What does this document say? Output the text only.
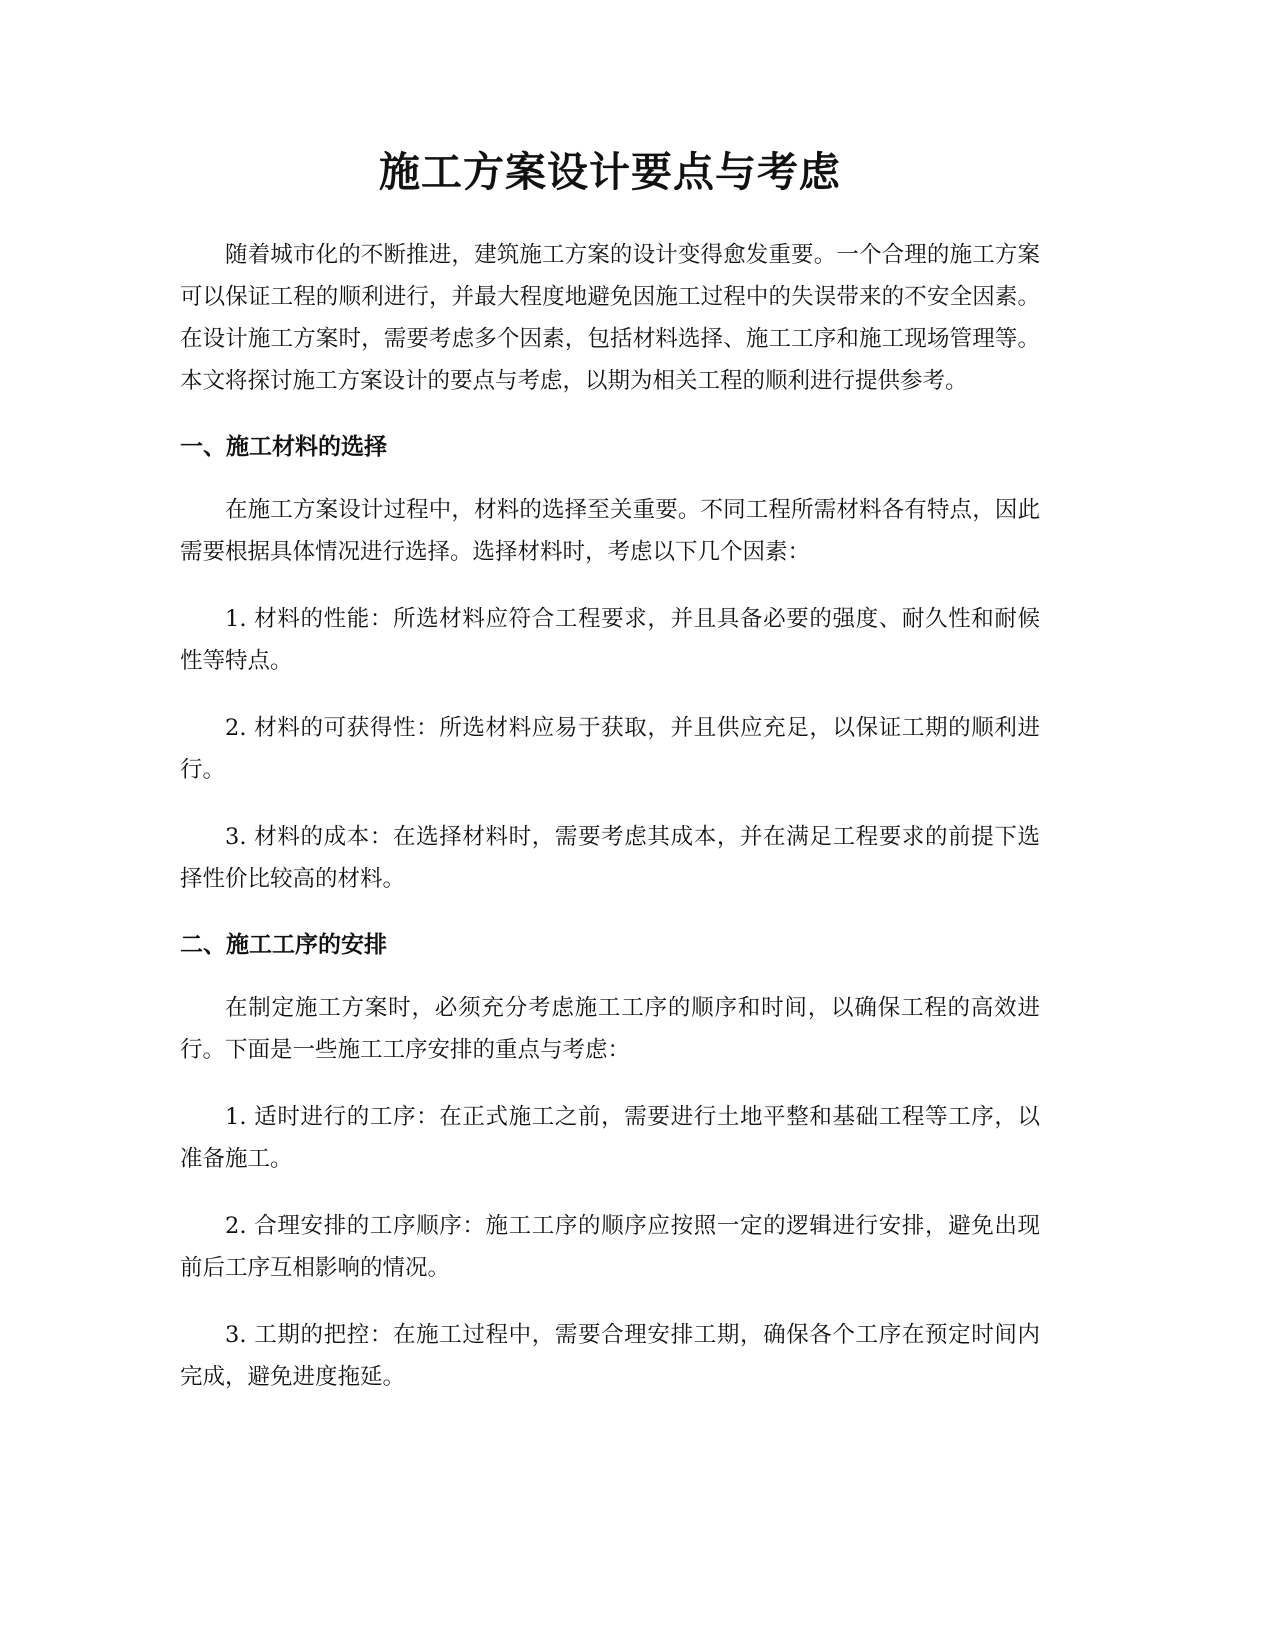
施工方案设计要点与考虑

随着城市化的不断推进，建筑施工方案的设计变得愈发重要。一个合理的施工方案可以保证工程的顺利进行，并最大程度地避免因施工过程中的失误带来的不安全因素。在设计施工方案时，需要考虑多个因素，包括材料选择、施工工序和施工现场管理等。本文将探讨施工方案设计的要点与考虑，以期为相关工程的顺利进行提供参考。

一、施工材料的选择

在施工方案设计过程中，材料的选择至关重要。不同工程所需材料各有特点，因此需要根据具体情况进行选择。选择材料时，考虑以下几个因素：

1. 材料的性能：所选材料应符合工程要求，并且具备必要的强度、耐久性和耐候性等特点。

2. 材料的可获得性：所选材料应易于获取，并且供应充足，以保证工期的顺利进行。

3. 材料的成本：在选择材料时，需要考虑其成本，并在满足工程要求的前提下选择性价比较高的材料。

二、施工工序的安排

在制定施工方案时，必须充分考虑施工工序的顺序和时间，以确保工程的高效进行。下面是一些施工工序安排的重点与考虑：

1. 适时进行的工序：在正式施工之前，需要进行土地平整和基础工程等工序，以准备施工。

2. 合理安排的工序顺序：施工工序的顺序应按照一定的逻辑进行安排，避免出现前后工序互相影响的情况。

3. 工期的把控：在施工过程中，需要合理安排工期，确保各个工序在预定时间内完成，避免进度拖延。
